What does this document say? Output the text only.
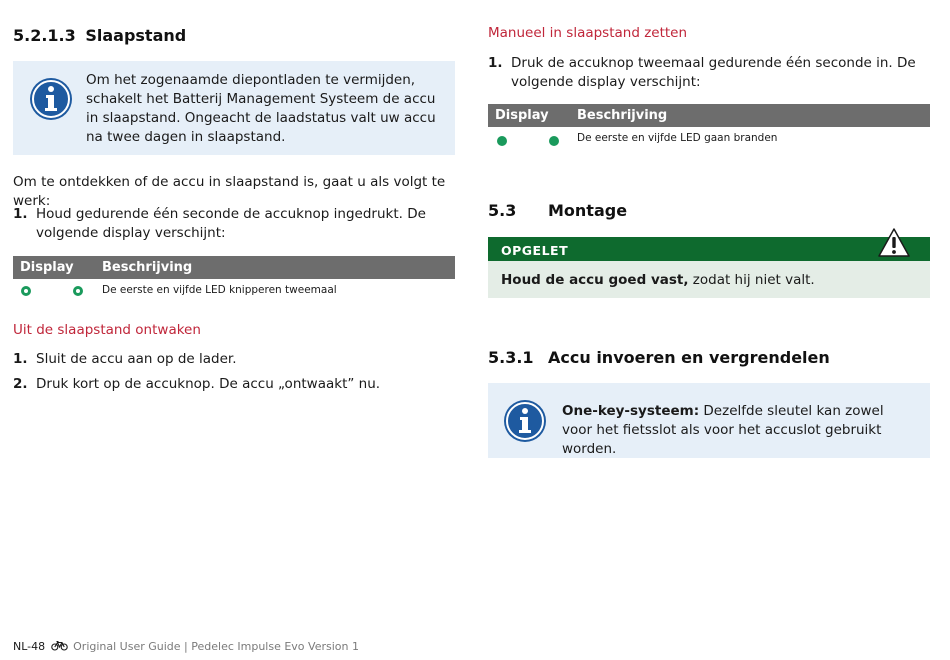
5.2.1.3 Slaapstand
Om het zogenaamde diepontladen te vermijden, schakelt het Batterij Management Systeem de accu in slaapstand. Ongeacht de laadstatus valt uw accu na twee dagen in slaapstand.
Om te ontdekken of de accu in slaapstand is, gaat u als volgt te werk:
1. Houd gedurende één seconde de accuknop ingedrukt. De volgende display verschijnt:
Display Beschrijving
De eerste en vijfde LED knipperen tweemaal
Uit de slaapstand ontwaken
1. Sluit de accu aan op de lader.
2. Druk kort op de accuknop. De accu „ontwaakt” nu.
Manueel in slaapstand zetten
1. Druk de accuknop tweemaal gedurende één seconde in. De volgende display verschijnt:
Display Beschrijving
De eerste en vijfde LED gaan branden
5.3 Montage
OPGELET
Houd de accu goed vast, zodat hij niet valt.
5.3.1 Accu invoeren en vergrendelen
One-key-systeem: Dezelfde sleutel kan zowel voor het fietsslot als voor het accuslot gebruikt worden.
NL-48	Original User Guide | Pedelec Impulse Evo Version 1
